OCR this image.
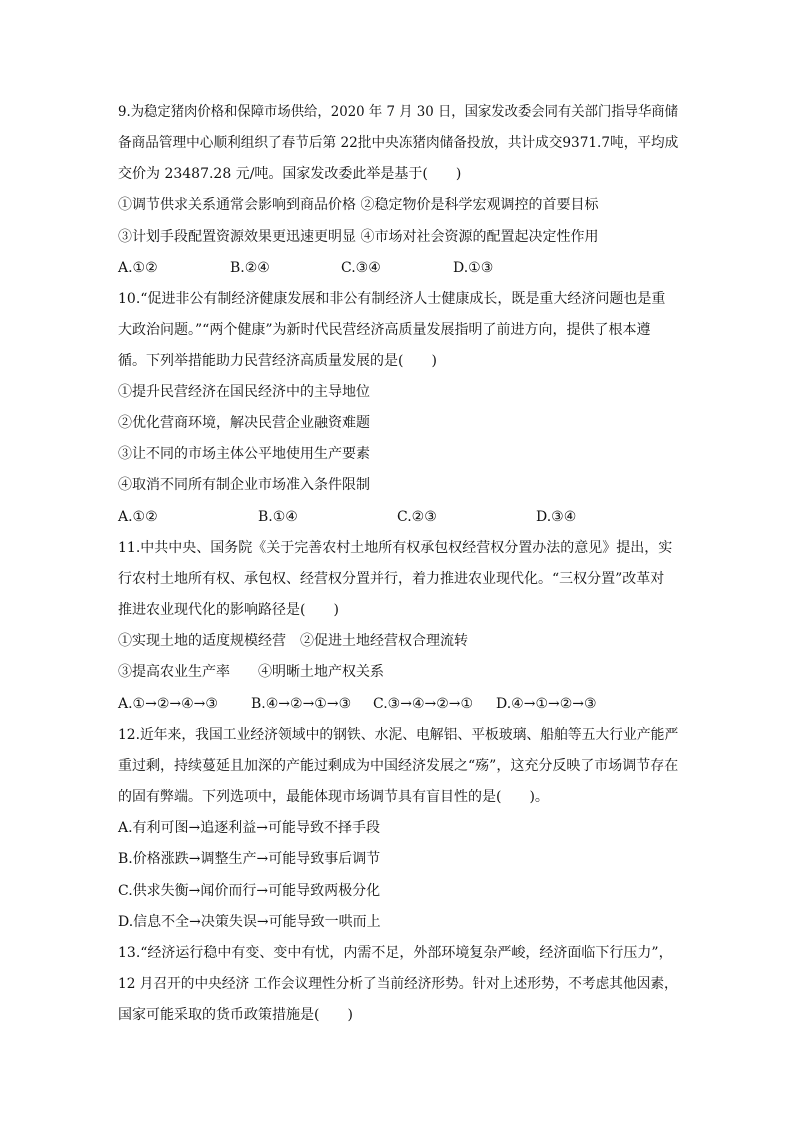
9.为稳定猪肉价格和保障市场供给，2020 年 7 月 30 日，国家发改委会同有关部门指导华商储
备商品管理中心顺利组织了春节后第 22批中央冻猪肉储备投放，共计成交9371.7吨，平均成
交价为 23487.28 元/吨。国家发改委此举是基于(　　)
①调节供求关系通常会影响到商品价格 ②稳定物价是科学宏观调控的首要目标
③计划手段配置资源效果更迅速更明显 ④市场对社会资源的配置起决定性作用
A.①②	B.②④	C.③④	D.①③
10.“促进非公有制经济健康发展和非公有制经济人士健康成长，既是重大经济问题也是重
大政治问题。”“两个健康”为新时代民营经济高质量发展指明了前进方向，提供了根本遵
循。下列举措能助力民营经济高质量发展的是(　　)
①提升民营经济在国民经济中的主导地位
②优化营商环境，解决民营企业融资难题
③让不同的市场主体公平地使用生产要素
④取消不同所有制企业市场准入条件限制
A.①②	B.①④	C.②③	D.③④
11.中共中央、国务院《关于完善农村土地所有权承包权经营权分置办法的意见》提出，实
行农村土地所有权、承包权、经营权分置并行，着力推进农业现代化。“三权分置”改革对
推进农业现代化的影响路径是(　　)
①实现土地的适度规模经营　②促进土地经营权合理流转
③提高农业生产率　　④明晰土地产权关系
A.①→②→④→③ B.④→②→①→③ C.③→④→②→① D.④→①→②→③
12.近年来，我国工业经济领域中的钢铁、水泥、电解铝、平板玻璃、船舶等五大行业产能严
重过剩，持续蔓延且加深的产能过剩成为中国经济发展之“殇”，这充分反映了市场调节存在
的固有弊端。下列选项中，最能体现市场调节具有盲目性的是(　　)。
A.有利可图→追逐利益→可能导致不择手段
B.价格涨跌→调整生产→可能导致事后调节
C.供求失衡→闻价而行→可能导致两极分化
D.信息不全→决策失误→可能导致一哄而上
13.“经济运行稳中有变、变中有忧，内需不足，外部环境复杂严峻，经济面临下行压力”，
12 月召开的中央经济 工作会议理性分析了当前经济形势。针对上述形势，不考虑其他因素，
国家可能采取的货币政策措施是(　　)
